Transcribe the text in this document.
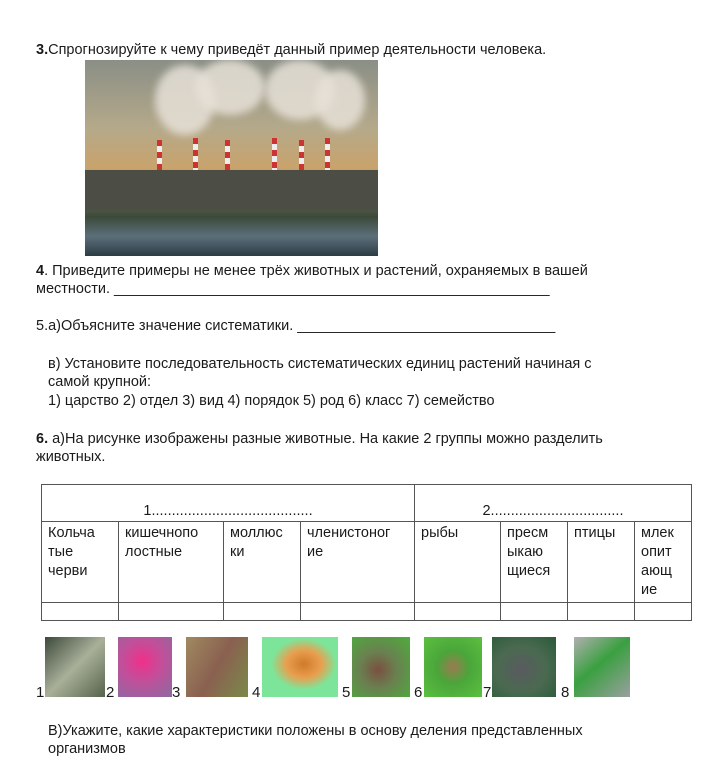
3.Спрогнозируйте к чему приведёт данный пример деятельности человека.
4. Приведите примеры не менее трёх животных и растений, охраняемых в вашей
местности. ______________________________________________________
5.а)Объясните значение систематики. ________________________________
в) Установите последовательность систематических единиц растений начиная с
самой крупной:
1) царство 2) отдел 3) вид 4) порядок 5) род 6) класс 7) семейство
6. а)На рисунке изображены разные животные. На какие 2 группы можно разделить
животных.
1........................................				2.................................			
Кольча тые черви	кишечнопо лостные	моллюс ки	членистоног ие	рыбы	пресм ыкаю щиеся	птицы	млек опит ающ ие

1	2	3	4	5	6	7	8
В)Укажите, какие характеристики положены в основу деления представленных
организмов
